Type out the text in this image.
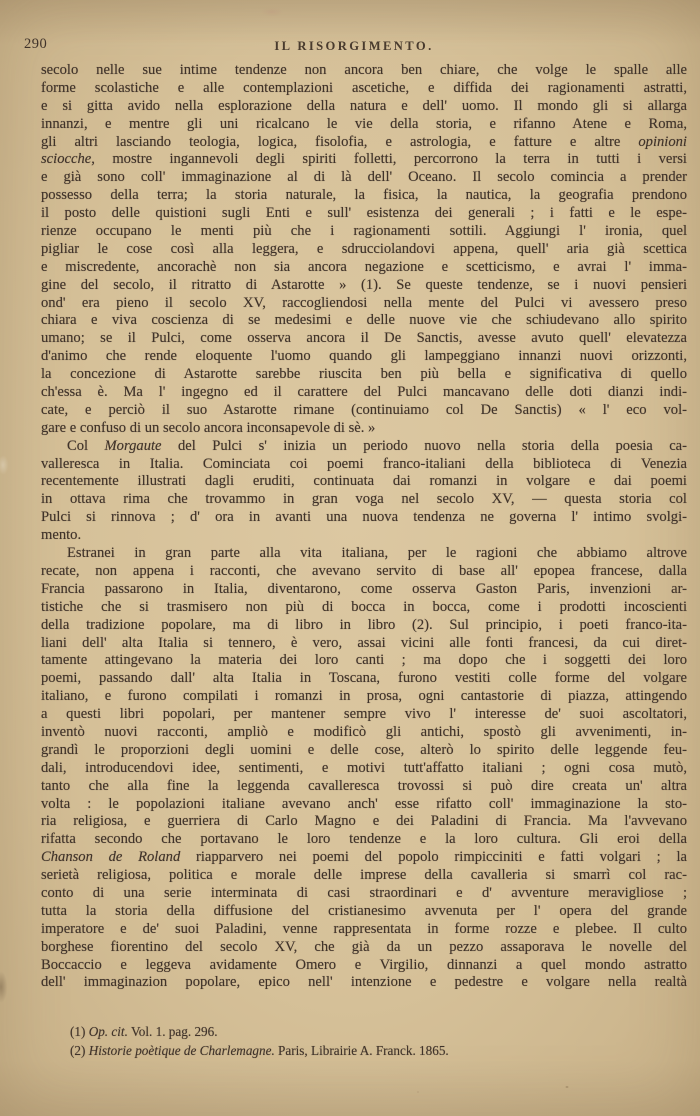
290	IL RISORGIMENTO.
secolo nelle sue intime tendenze non ancora ben chiare, che volge le spalle alle
forme scolastiche e alle contemplazioni ascetiche, e diffida dei ragionamenti astratti,
e si gitta avido nella esplorazione della natura e dell' uomo. Il mondo gli si allarga
innanzi, e mentre gli uni ricalcano le vie della storia, e rifanno Atene e Roma,
gli altri lasciando teologia, logica, fisolofia, e astrologia, e fatture e altre opinioni
sciocche, mostre ingannevoli degli spiriti folletti, percorrono la terra in tutti i versi
e già sono coll' immaginazione al di là dell' Oceano. Il secolo comincia a prender
possesso della terra; la storia naturale, la fisica, la nautica, la geografia prendono
il posto delle quistioni sugli Enti e sull' esistenza dei generali ; i fatti e le espe-
rienze occupano le menti più che i ragionamenti sottili. Aggiungi l' ironia, quel
pigliar le cose così alla leggera, e sdrucciolandovi appena, quell' aria già scettica
e miscredente, ancorachè non sia ancora negazione e scetticismo, e avrai l' imma-
gine del secolo, il ritratto di Astarotte » (1). Se queste tendenze, se i nuovi pensieri
ond' era pieno il secolo XV, raccogliendosi nella mente del Pulci vi avessero preso
chiara e viva coscienza di se medesimi e delle nuove vie che schiudevano allo spirito
umano; se il Pulci, come osserva ancora il De Sanctis, avesse avuto quell' elevatezza
d'animo che rende eloquente l'uomo quando gli lampeggiano innanzi nuovi orizzonti,
la concezione di Astarotte sarebbe riuscita ben più bella e significativa di quello
ch'essa è. Ma l' ingegno ed il carattere del Pulci mancavano delle doti dianzi indi-
cate, e perciò il suo Astarotte rimane (continuiamo col De Sanctis) « l' eco vol-
gare e confuso di un secolo ancora inconsapevole di sè. »
Col Morgaute del Pulci s' inizia un periodo nuovo nella storia della poesia ca-
valleresca in Italia. Cominciata coi poemi franco-italiani della biblioteca di Venezia
recentemente illustrati dagli eruditi, continuata dai romanzi in volgare e dai poemi
in ottava rima che trovammo in gran voga nel secolo XV, — questa storia col
Pulci si rinnova ; d' ora in avanti una nuova tendenza ne governa l' intimo svolgi-
mento.
Estranei in gran parte alla vita italiana, per le ragioni che abbiamo altrove
recate, non appena i racconti, che avevano servito di base all' epopea francese, dalla
Francia passarono in Italia, diventarono, come osserva Gaston Paris, invenzioni ar-
tistiche che si trasmisero non più di bocca in bocca, come i prodotti incoscienti
della tradizione popolare, ma di libro in libro (2). Sul principio, i poeti franco-ita-
liani dell' alta Italia si tennero, è vero, assai vicini alle fonti francesi, da cui diret-
tamente attingevano la materia dei loro canti ; ma dopo che i soggetti dei loro
poemi, passando dall' alta Italia in Toscana, furono vestiti colle forme del volgare
italiano, e furono compilati i romanzi in prosa, ogni cantastorie di piazza, attingendo
a questi libri popolari, per mantener sempre vivo l' interesse de' suoi ascoltatori,
inventò nuovi racconti, ampliò e modificò gli antichi, spostò gli avvenimenti, in-
grandì le proporzioni degli uomini e delle cose, alterò lo spirito delle leggende feu-
dali, introducendovi idee, sentimenti, e motivi tutt'affatto italiani ; ogni cosa mutò,
tanto che alla fine la leggenda cavalleresca trovossi si può dire creata un' altra
volta : le popolazioni italiane avevano anch' esse rifatto coll' immaginazione la sto-
ria religiosa, e guerriera di Carlo Magno e dei Paladini di Francia. Ma l'avvevano
rifatta secondo che portavano le loro tendenze e la loro cultura. Gli eroi della
Chanson de Roland riapparvero nei poemi del popolo rimpicciniti e fatti volgari ; la
serietà religiosa, politica e morale delle imprese della cavalleria si smarrì col rac-
conto di una serie interminata di casi straordinari e d' avventure meravigliose ;
tutta la storia della diffusione del cristianesimo avvenuta per l' opera del grande
imperatore e de' suoi Paladini, venne rappresentata in forme rozze e plebee. Il culto
borghese fiorentino del secolo XV, che già da un pezzo assaporava le novelle del
Boccaccio e leggeva avidamente Omero e Virgilio, dinnanzi a quel mondo astratto
dell' immaginazion popolare, epico nell' intenzione e pedestre e volgare nella realtà
(1) Op. cit. Vol. 1. pag. 296.
(2) Historie poètique de Charlemagne. Paris, Librairie A. Franck. 1865.
